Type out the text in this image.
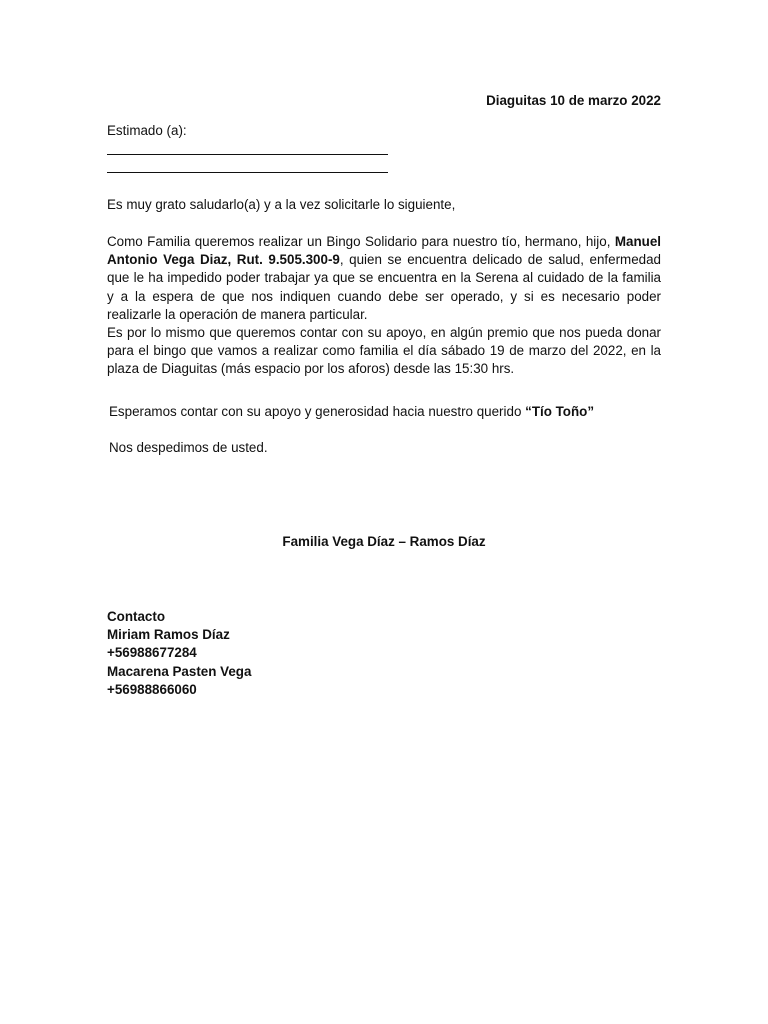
Diaguitas 10 de marzo 2022
Estimado (a):
Es muy grato saludarlo(a) y a la vez solicitarle lo siguiente,

Como Familia queremos realizar un Bingo Solidario para nuestro tío, hermano, hijo, Manuel Antonio Vega Diaz, Rut. 9.505.300-9, quien se encuentra delicado de salud, enfermedad que le ha impedido poder trabajar ya que se encuentra en la Serena al cuidado de la familia y a la espera de que nos indiquen cuando debe ser operado, y si es necesario poder realizarle la operación de manera particular.

Es por lo mismo que queremos contar con su apoyo, en algún premio que nos pueda donar para el bingo que vamos a realizar como familia el día sábado 19 de marzo del 2022, en la plaza de Diaguitas (más espacio por los aforos) desde las 15:30 hrs.

Esperamos contar con su apoyo y generosidad hacia nuestro querido “Tío Toño”
Nos despedimos de usted.
Familia Vega Díaz – Ramos Díaz
Contacto
Miriam Ramos Díaz
+56988677284
Macarena Pasten Vega
+56988866060
